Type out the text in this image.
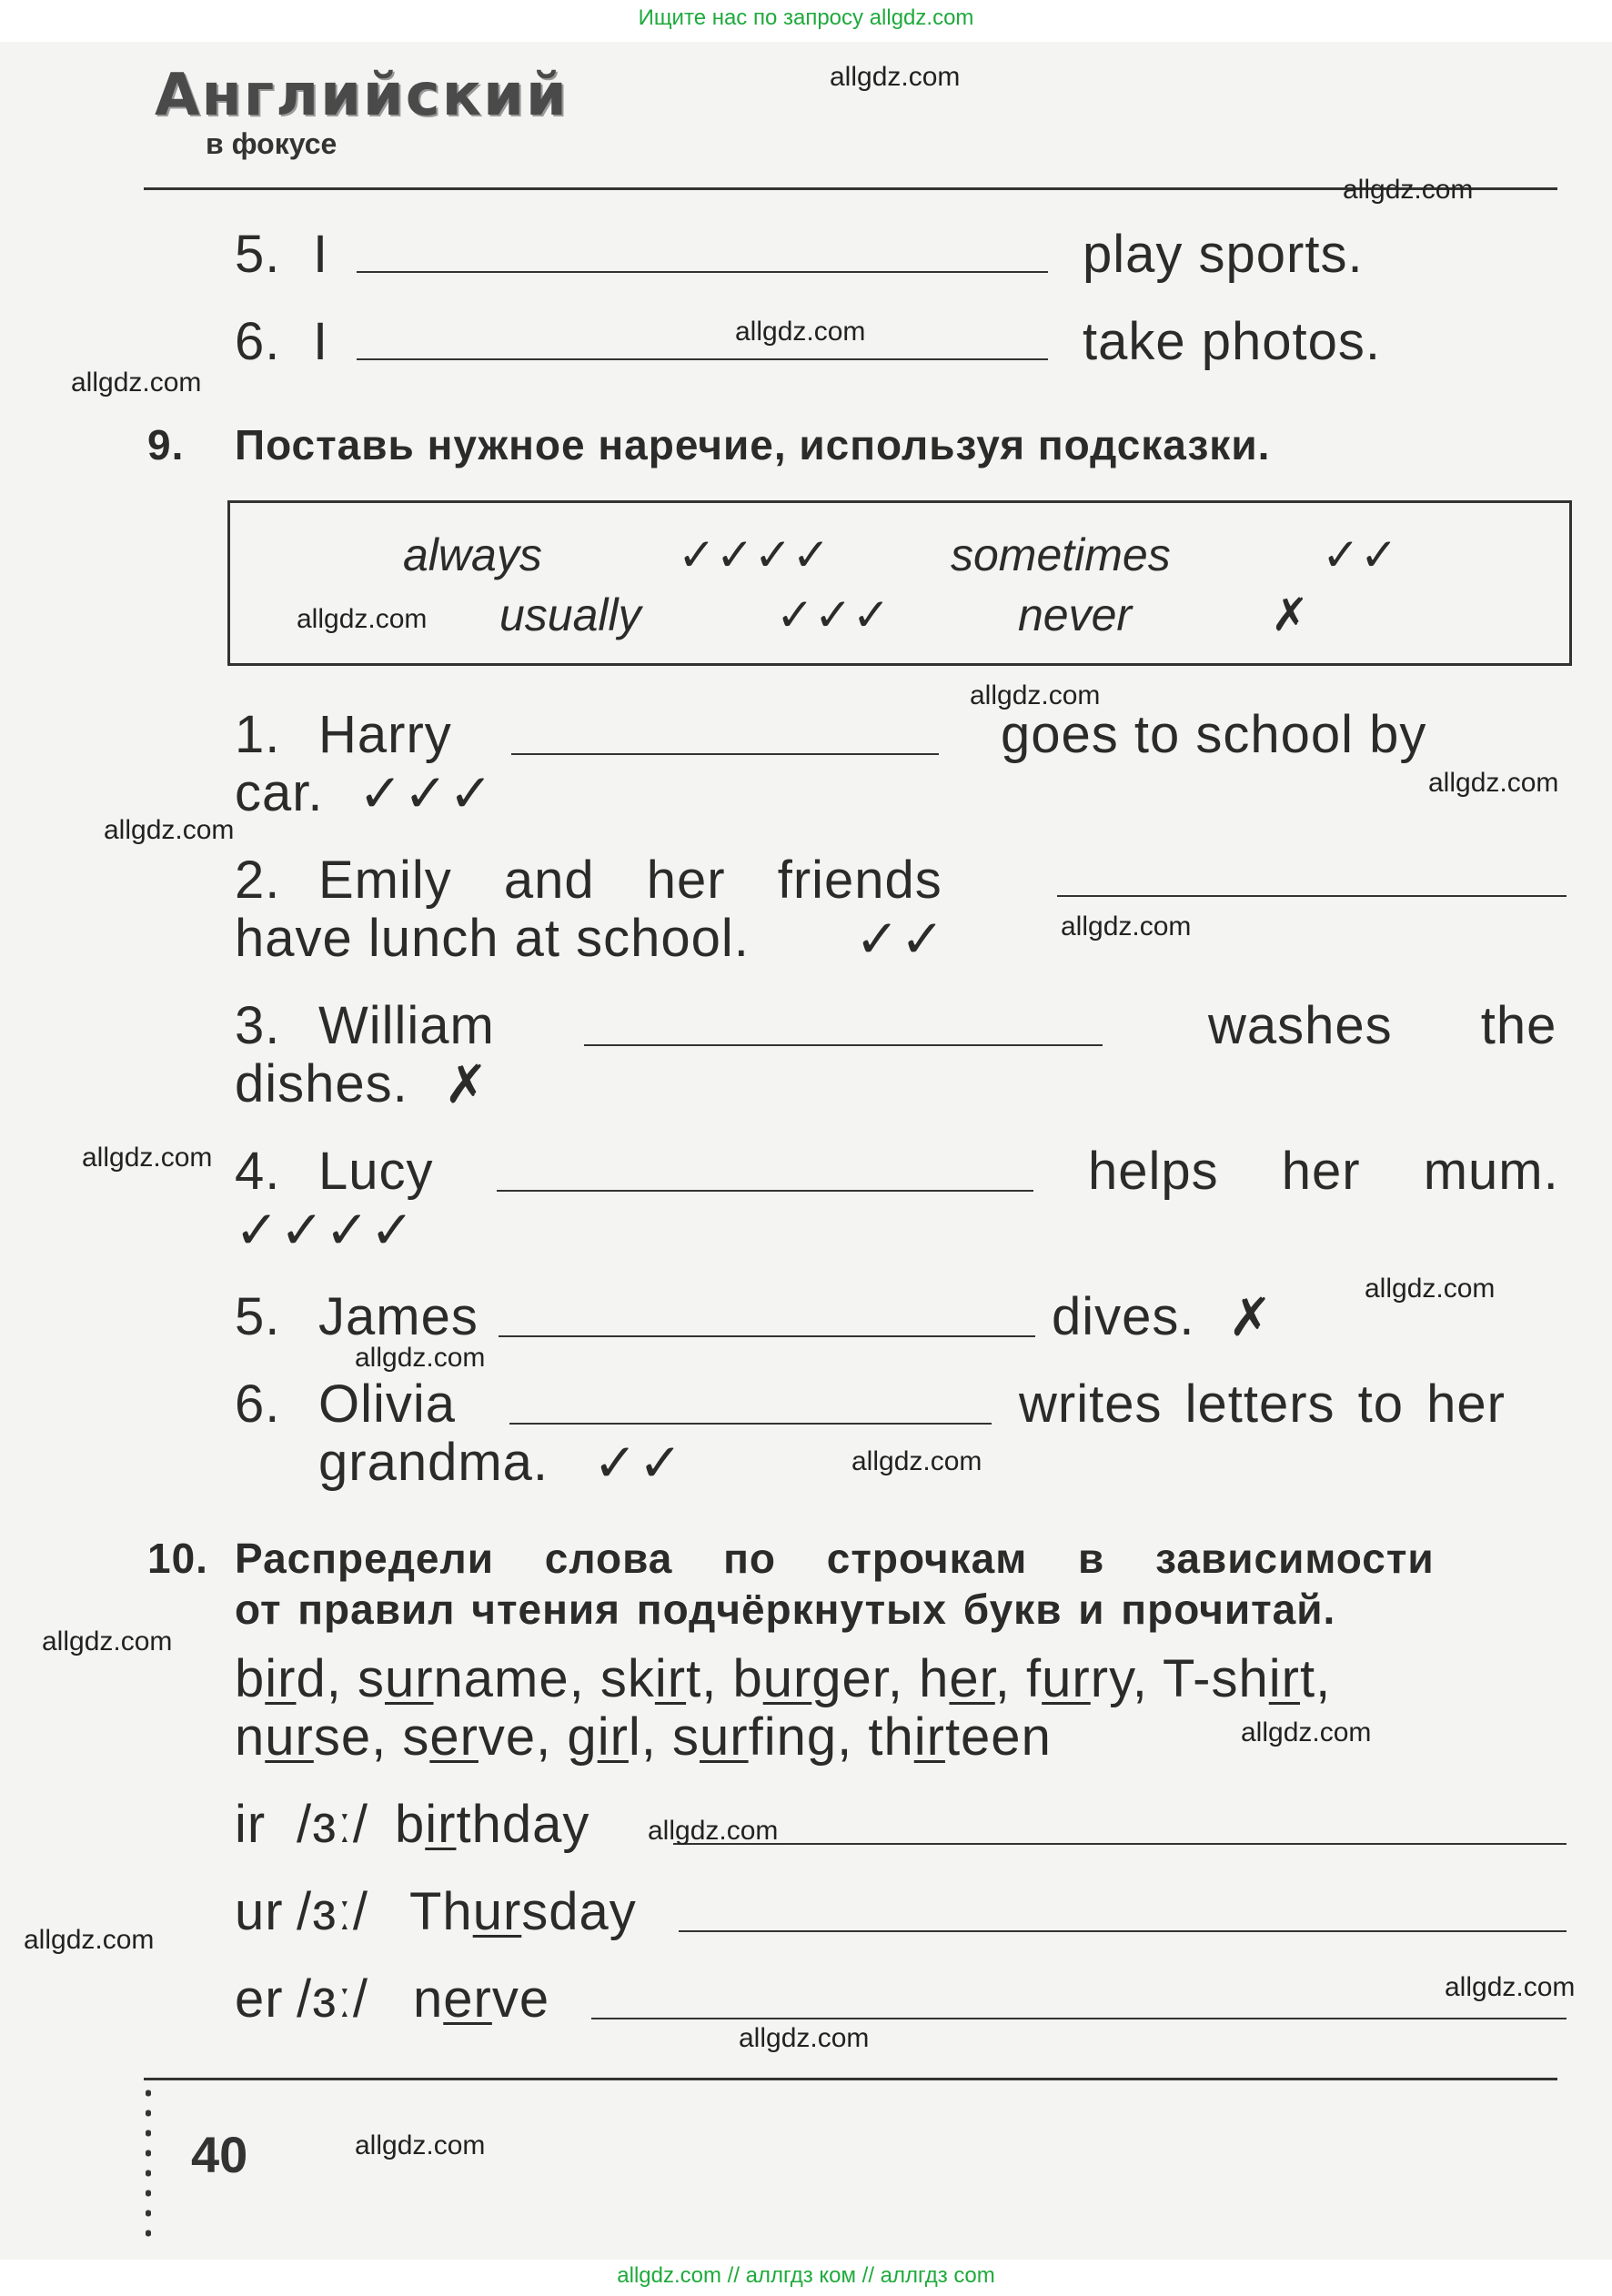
Ищите нас по запросу allgdz.com
allgdz.com // аллгдз ком // аллгдз com
Английский
в фокусе
5. I	play sports.
6. I	take photos.
9. Поставь нужное наречие, используя подсказки.
always	✓✓✓✓	sometimes	✓✓
usually	✓✓✓	never	✗
1. Harry	goes to school by
car. ✓✓✓
2. Emily and her friends
have lunch at school. ✓✓
3. William	washes the
dishes. ✗
4. Lucy	helps her mum.
✓✓✓✓
5. James	dives. ✗
6. Olivia	writes letters to her
grandma. ✓✓
10. Распредели слова по строчкам в зависимости
от правил чтения подчёркнутых букв и прочитай.
bird, surname, skirt, burger, her, furry, T-shirt,
nurse, serve, girl, surfing, thirteen
ir /ɜː/ birthday
ur /ɜː/ Thursday
er /ɜː/ nerve
40
allgdz.com
allgdz.com
allgdz.com
allgdz.com
allgdz.com
allgdz.com
allgdz.com
allgdz.com
allgdz.com
allgdz.com
allgdz.com
allgdz.com
allgdz.com
allgdz.com
allgdz.com
allgdz.com
allgdz.com
allgdz.com
allgdz.com
allgdz.com
